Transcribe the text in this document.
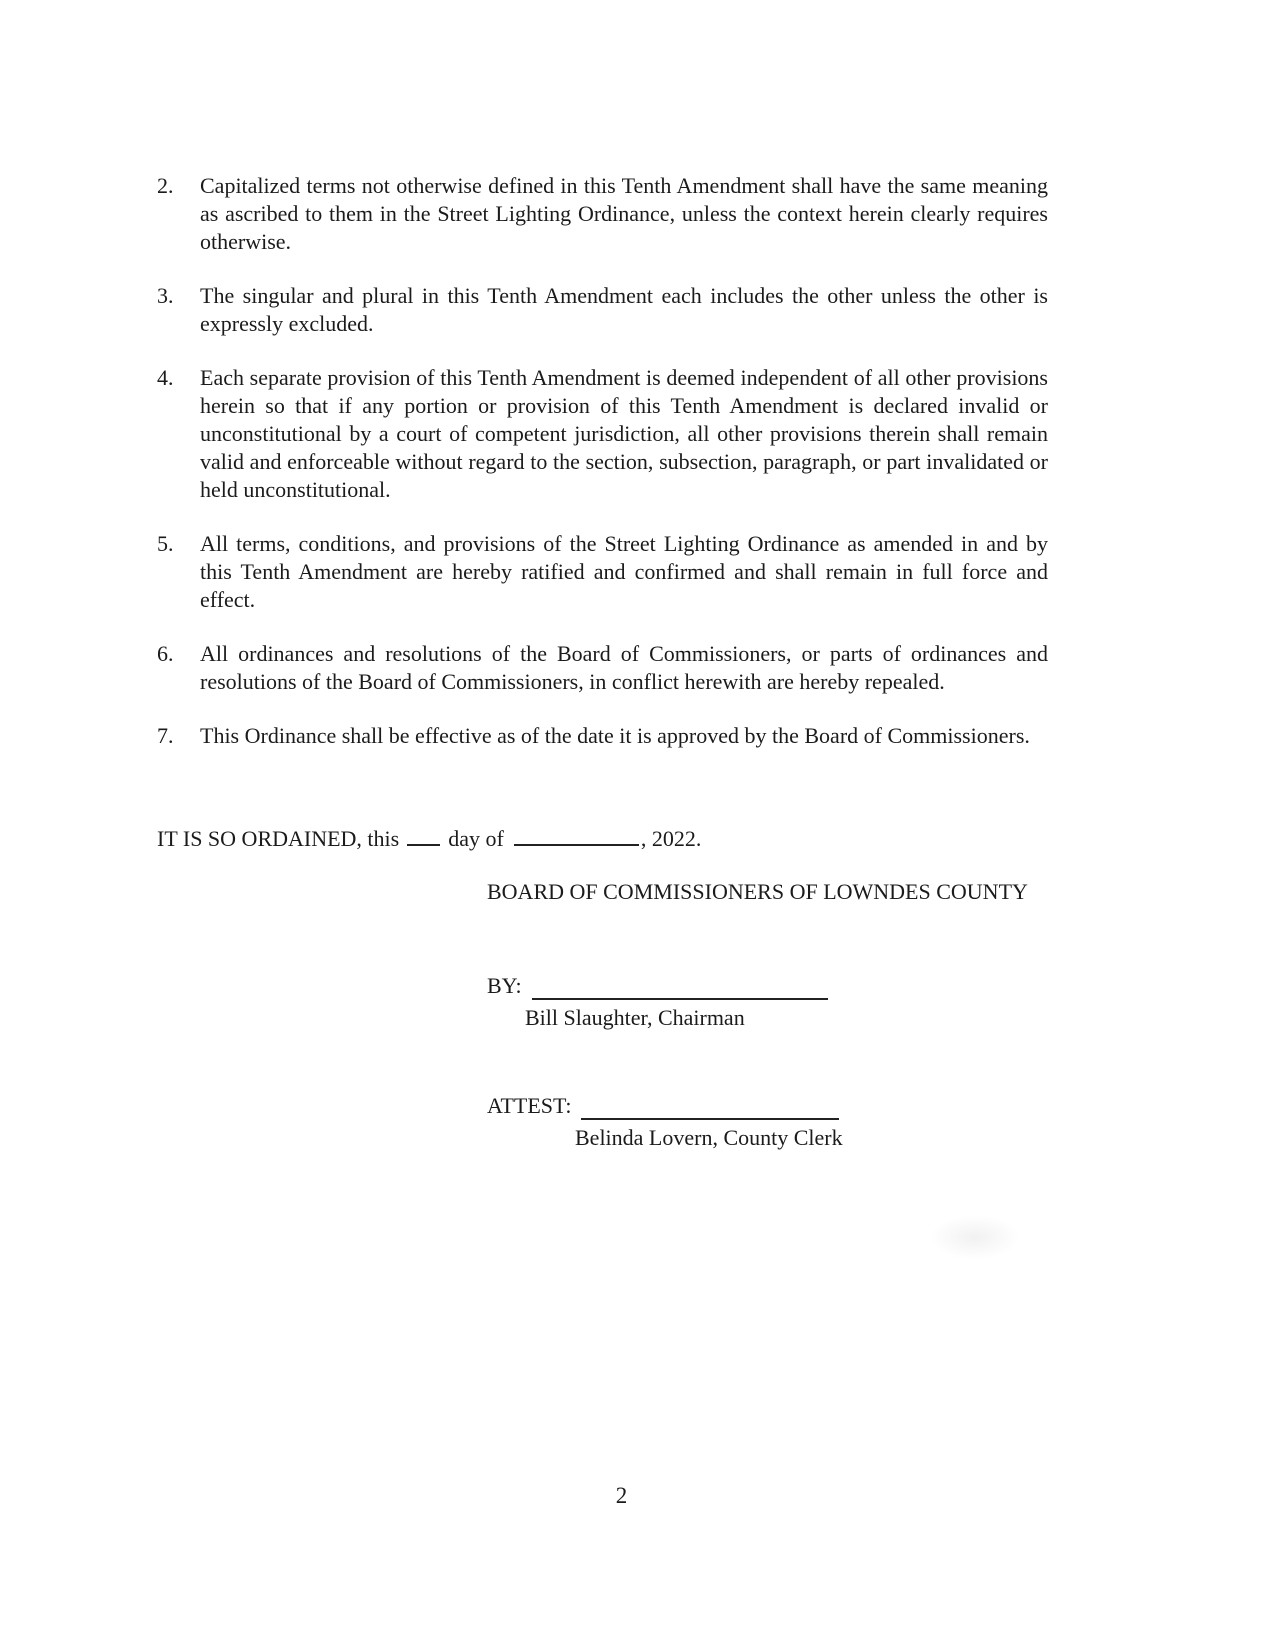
2.	Capitalized terms not otherwise defined in this Tenth Amendment shall have the same meaning as ascribed to them in the Street Lighting Ordinance, unless the context herein clearly requires otherwise.
3.	The singular and plural in this Tenth Amendment each includes the other unless the other is expressly excluded.
4.	Each separate provision of this Tenth Amendment is deemed independent of all other provisions herein so that if any portion or provision of this Tenth Amendment is declared invalid or unconstitutional by a court of competent jurisdiction, all other provisions therein shall remain valid and enforceable without regard to the section, subsection, paragraph, or part invalidated or held unconstitutional.
5.	All terms, conditions, and provisions of the Street Lighting Ordinance as amended in and by this Tenth Amendment are hereby ratified and confirmed and shall remain in full force and effect.
6.	All ordinances and resolutions of the Board of Commissioners, or parts of ordinances and resolutions of the Board of Commissioners, in conflict herewith are hereby repealed.
7.	This Ordinance shall be effective as of the date it is approved by the Board of Commissioners.
IT IS SO ORDAINED, this day of	, 2022.
BOARD OF COMMISSIONERS OF LOWNDES COUNTY
BY:
Bill Slaughter, Chairman
ATTEST:
Belinda Lovern, County Clerk
2
